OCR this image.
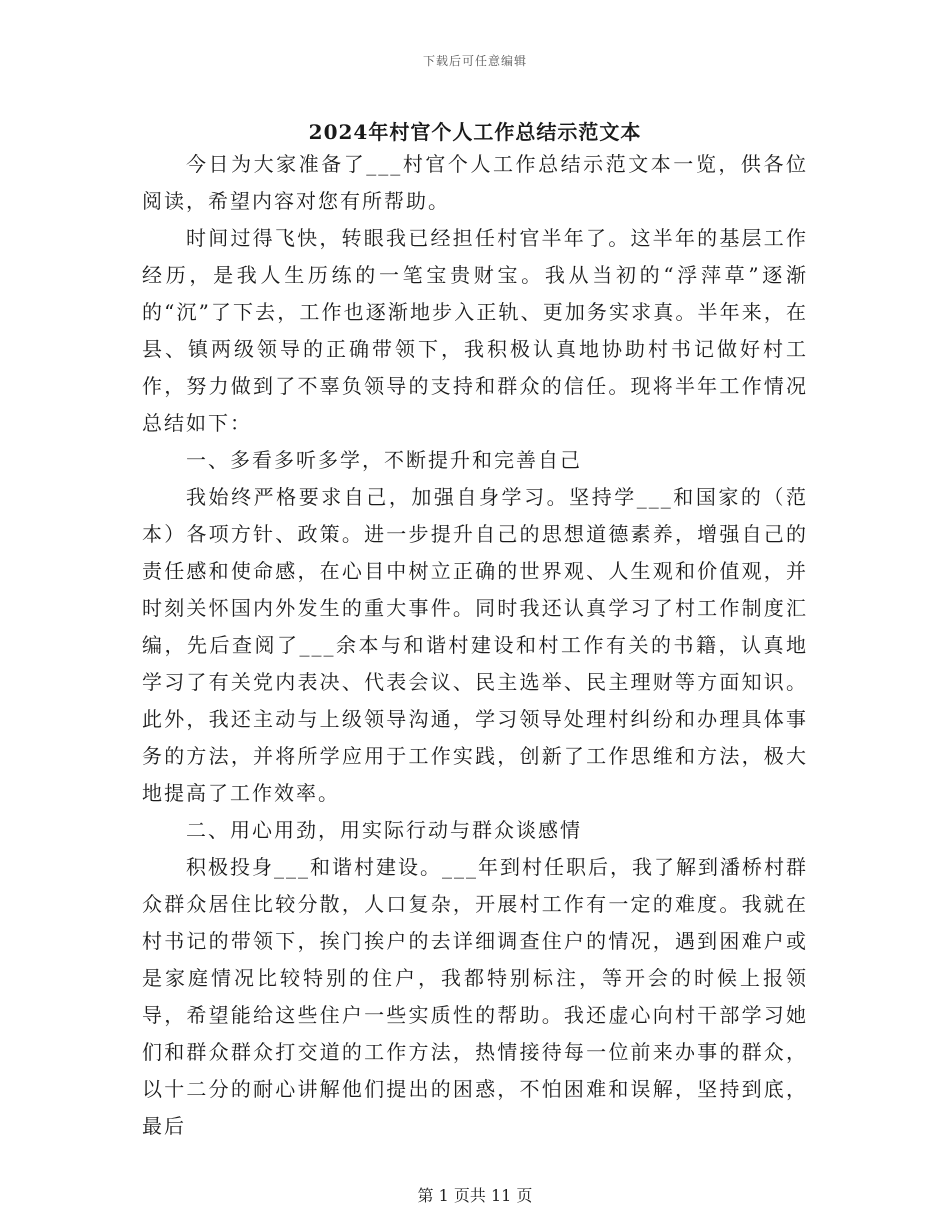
下载后可任意编辑
2024年村官个人工作总结示范文本

今日为大家准备了___村官个人工作总结示范文本一览，供各位阅读，希望内容对您有所帮助。

时间过得飞快，转眼我已经担任村官半年了。这半年的基层工作经历，是我人生历练的一笔宝贵财宝。我从当初的“浮萍草”逐渐的“沉”了下去，工作也逐渐地步入正轨、更加务实求真。半年来，在县、镇两级领导的正确带领下，我积极认真地协助村书记做好村工作，努力做到了不辜负领导的支持和群众的信任。现将半年工作情况总结如下：

一、多看多听多学，不断提升和完善自己

我始终严格要求自己，加强自身学习。坚持学___和国家的（范本）各项方针、政策。进一步提升自己的思想道德素养，增强自己的责任感和使命感，在心目中树立正确的世界观、人生观和价值观，并时刻关怀国内外发生的重大事件。同时我还认真学习了村工作制度汇编，先后查阅了___余本与和谐村建设和村工作有关的书籍，认真地学习了有关党内表决、代表会议、民主选举、民主理财等方面知识。此外，我还主动与上级领导沟通，学习领导处理村纠纷和办理具体事务的方法，并将所学应用于工作实践，创新了工作思维和方法，极大地提高了工作效率。

二、用心用劲，用实际行动与群众谈感情

积极投身___和谐村建设。___年到村任职后，我了解到潘桥村群众群众居住比较分散，人口复杂，开展村工作有一定的难度。我就在村书记的带领下，挨门挨户的去详细调查住户的情况，遇到困难户或是家庭情况比较特别的住户，我都特别标注，等开会的时候上报领导，希望能给这些住户一些实质性的帮助。我还虚心向村干部学习她们和群众群众打交道的工作方法，热情接待每一位前来办事的群众，以十二分的耐心讲解他们提出的困惑，不怕困难和误解，坚持到底，最后

第 1 页共 11 页
